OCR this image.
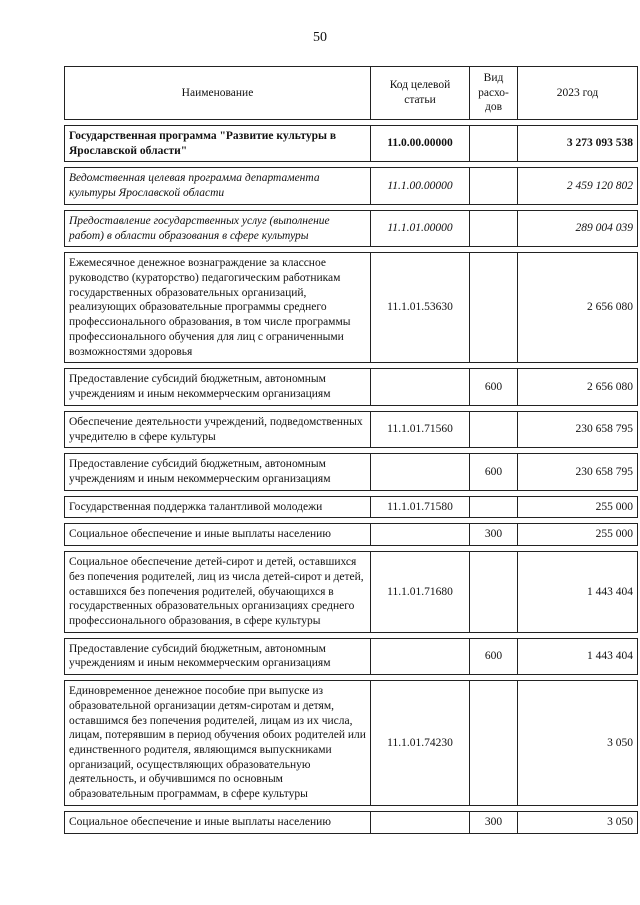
50
Наименование	Код целевой статьи	Вид расхо-дов	2023 год

Государственная программа "Развитие культуры в Ярославской области"	11.0.00.00000		3 273 093 538

Ведомственная целевая программа департамента культуры Ярославской области	11.1.00.00000		2 459 120 802

Предоставление государственных услуг (выполнение работ) в области образования в сфере культуры	11.1.01.00000		289 004 039

Ежемесячное денежное вознаграждение за классное руководство (кураторство) педагогическим работникам государственных образовательных организаций, реализующих образовательные программы среднего профессионального образования, в том числе программы профессионального обучения для лиц с ограниченными возможностями здоровья	11.1.01.53630		2 656 080

Предоставление субсидий бюджетным, автономным учреждениям и иным некоммерческим организациям		600	2 656 080

Обеспечение деятельности учреждений, подведомственных учредителю в сфере культуры	11.1.01.71560		230 658 795

Предоставление субсидий бюджетным, автономным учреждениям и иным некоммерческим организациям		600	230 658 795

Государственная поддержка талантливой молодежи	11.1.01.71580		255 000

Социальное обеспечение и иные выплаты населению		300	255 000

Социальное обеспечение детей-сирот и детей, оставшихся без попечения родителей, лиц из числа детей-сирот и детей, оставшихся без попечения родителей, обучающихся в государственных образовательных организациях среднего профессионального образования, в сфере культуры	11.1.01.71680		1 443 404

Предоставление субсидий бюджетным, автономным учреждениям и иным некоммерческим организациям		600	1 443 404

Единовременное денежное пособие при выпуске из образовательной организации детям-сиротам и детям, оставшимся без попечения родителей, лицам из их числа, лицам, потерявшим в период обучения обоих родителей или единственного родителя, являющимся выпускниками организаций, осуществляющих образовательную деятельность, и обучившимся по основным образовательным программам, в сфере культуры	11.1.01.74230		3 050

Социальное обеспечение и иные выплаты населению		300	3 050
